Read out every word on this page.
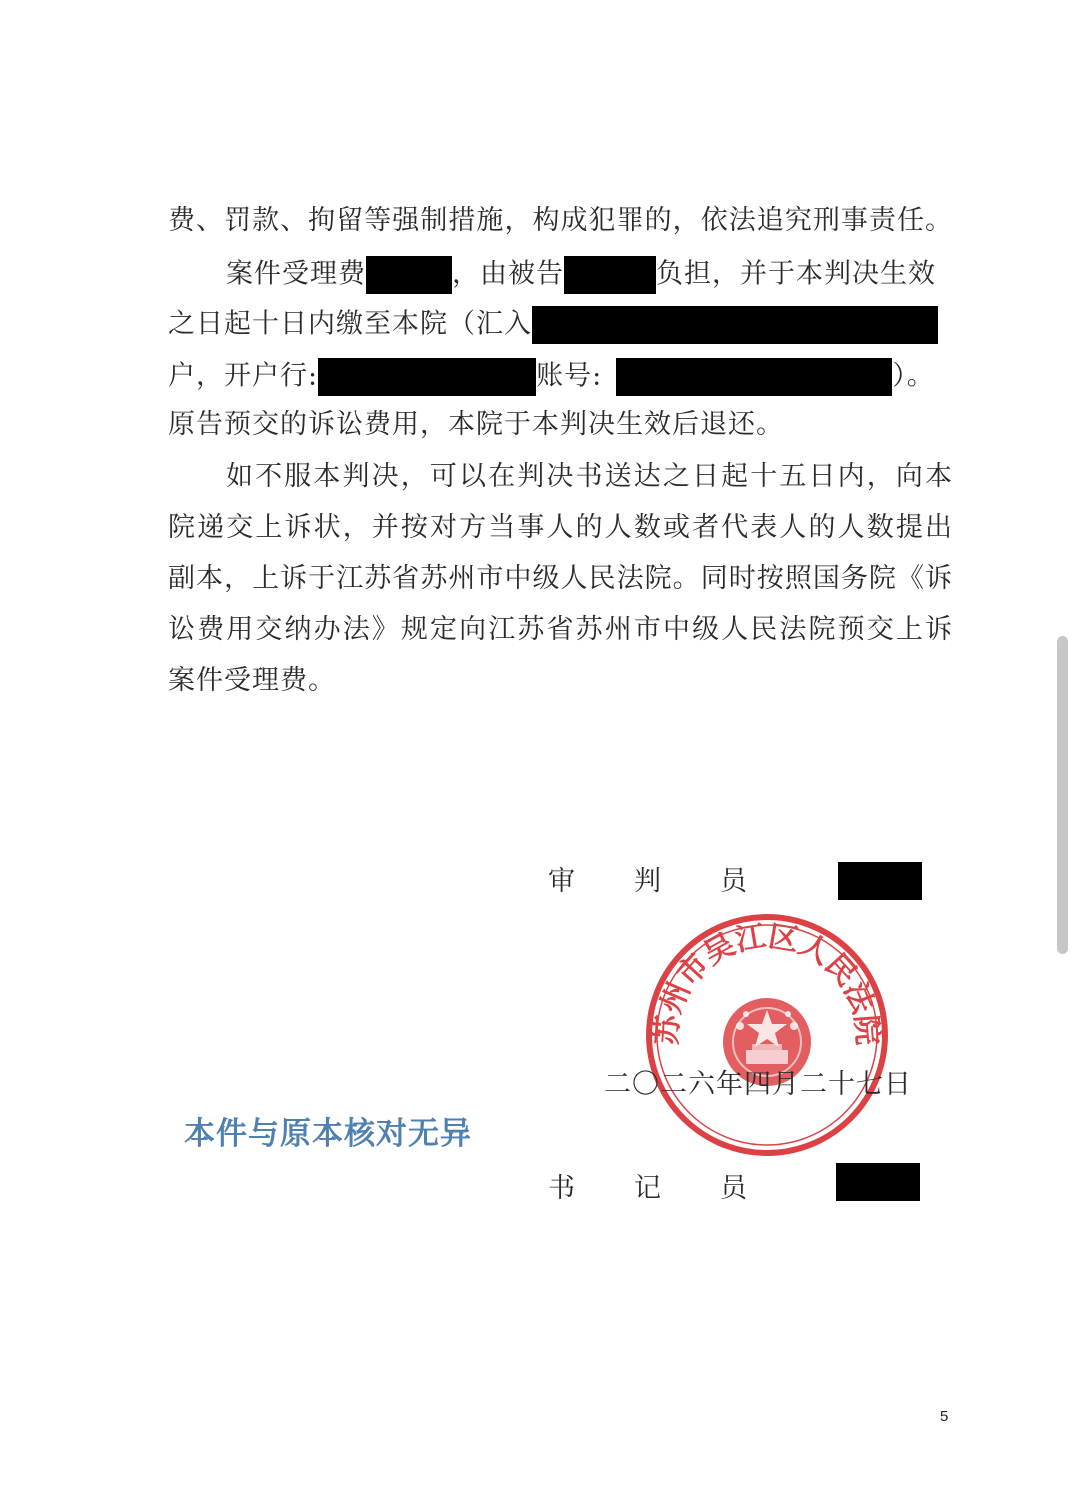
费、罚款、拘留等强制措施，构成犯罪的，依法追究刑事责任。
案件受理费	，由被告	负担，并于本判决生效
之日起十日内缴至本院（汇入
户，开户行:	账号:	）。
原告预交的诉讼费用，本院于本判决生效后退还。
如不服本判决，可以在判决书送达之日起十五日内，向本
院递交上诉状，并按对方当事人的人数或者代表人的人数提出
副本，上诉于江苏省苏州市中级人民法院。同时按照国务院《诉
讼费用交纳办法》规定向江苏省苏州市中级人民法院预交上诉
案件受理费。
审 判 员
苏州市吴江区人民法院
二〇二六年四月二十七日
本件与原本核对无异
书 记 员
5
